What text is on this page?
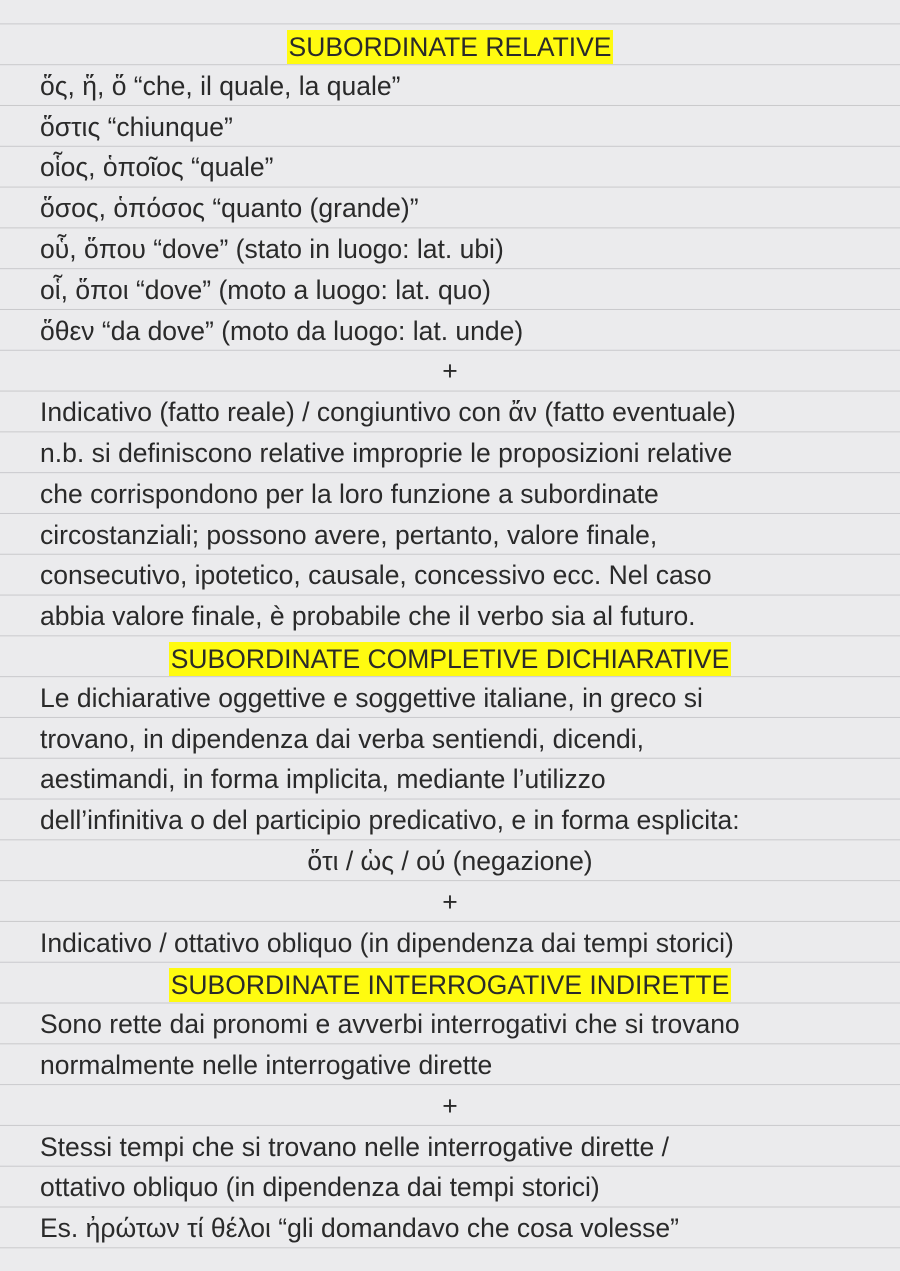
SUBORDINATE RELATIVE
ὅς, ἥ, ὅ “che, il quale, la quale”
ὅστις “chiunque”
οἷος, ὁποῖος “quale”
ὅσος, ὁπόσος “quanto (grande)”
οὗ, ὅπου “dove” (stato in luogo: lat. ubi)
οἷ, ὅποι “dove” (moto a luogo: lat. quo)
ὅθεν “da dove” (moto da luogo: lat. unde)
+
Indicativo (fatto reale) / congiuntivo con ἄν (fatto eventuale)
n.b. si definiscono relative improprie le proposizioni relative
che corrispondono per la loro funzione a subordinate
circostanziali; possono avere, pertanto, valore finale,
consecutivo, ipotetico, causale, concessivo ecc. Nel caso
abbia valore finale, è probabile che il verbo sia al futuro.
SUBORDINATE COMPLETIVE DICHIARATIVE
Le dichiarative oggettive e soggettive italiane, in greco si
trovano, in dipendenza dai verba sentiendi, dicendi,
aestimandi, in forma implicita, mediante l’utilizzo
dell’infinitiva o del participio predicativo, e in forma esplicita:
ὅτι / ὡς / ού (negazione)
+
Indicativo / ottativo obliquo (in dipendenza dai tempi storici)
SUBORDINATE INTERROGATIVE INDIRETTE
Sono rette dai pronomi e avverbi interrogativi che si trovano
normalmente nelle interrogative dirette
+
Stessi tempi che si trovano nelle interrogative dirette /
ottativo obliquo (in dipendenza dai tempi storici)
Es. ἠρώτων τί θέλοι “gli domandavo che cosa volesse”
